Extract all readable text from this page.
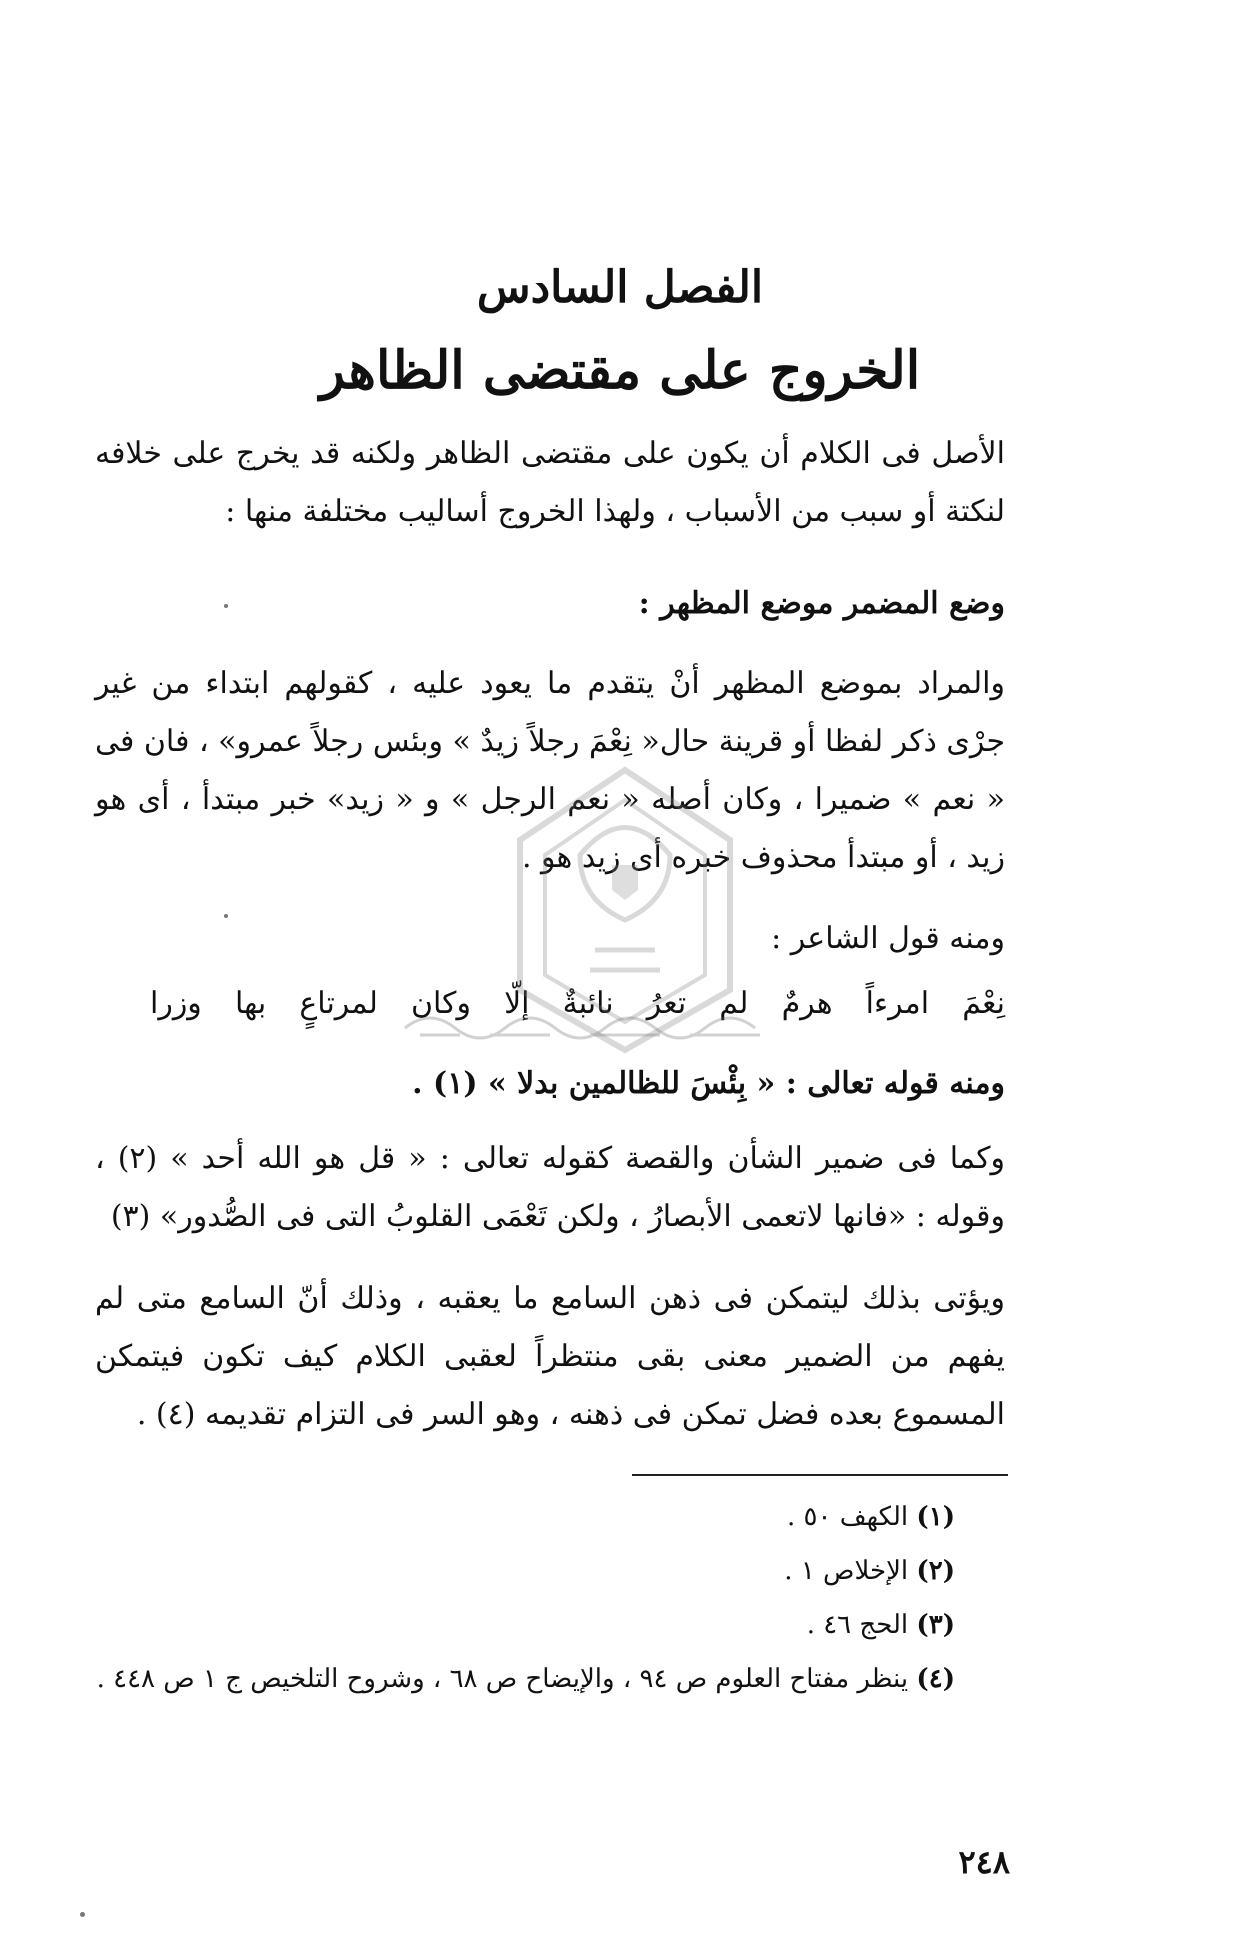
الفصل السادس
الخروج على مقتضى الظاهر
الأصل فى الكلام أن يكون على مقتضى الظاهر ولكنه قد يخرج على خلافه لنكتة أو سبب من الأسباب ، ولهذا الخروج أساليب مختلفة منها :
وضع المضمر موضع المظهر :
والمراد بموضع المظهر أنْ يتقدم ما يعود عليه ، كقولهم ابتداء من غير جرْى ذكر لفظا أو قرينة حال« نِعْمَ رجلاً زيدٌ » وبئس رجلاً عمرو» ، فان فى « نعم » ضميرا ، وكان أصله « نعم الرجل » و « زيد» خبر مبتدأ ، أى هو زيد ، أو مبتدأ محذوف خبره أى زيد هو .
ومنه قول الشاعر :
نِعْمَ امرءاً هرمٌ لم تعرُ نائبةٌ إلّا وكان لمرتاعٍ بها وزرا
ومنه قوله تعالى : « بِئْسَ للظالمين بدلا » (١) .
وكما فى ضمير الشأن والقصة كقوله تعالى : « قل هو الله أحد » (٢) ، وقوله : «فانها لاتعمى الأبصارُ ، ولكن تَعْمَى القلوبُ التى فى الصُّدور» (٣)
ويؤتى بذلك ليتمكن فى ذهن السامع ما يعقبه ، وذلك أنّ السامع متى لم يفهم من الضمير معنى بقى منتظراً لعقبى الكلام كيف تكون فيتمكن المسموع بعده فضل تمكن فى ذهنه ، وهو السر فى التزام تقديمه (٤) .
(١) الكهف ٥٠ .
(٢) الإخلاص ١ .
(٣) الحج ٤٦ .
(٤) ينظر مفتاح العلوم ص ٩٤ ، والإيضاح ص ٦٨ ، وشروح التلخيص ج ١ ص ٤٤٨ .
٢٤٨
